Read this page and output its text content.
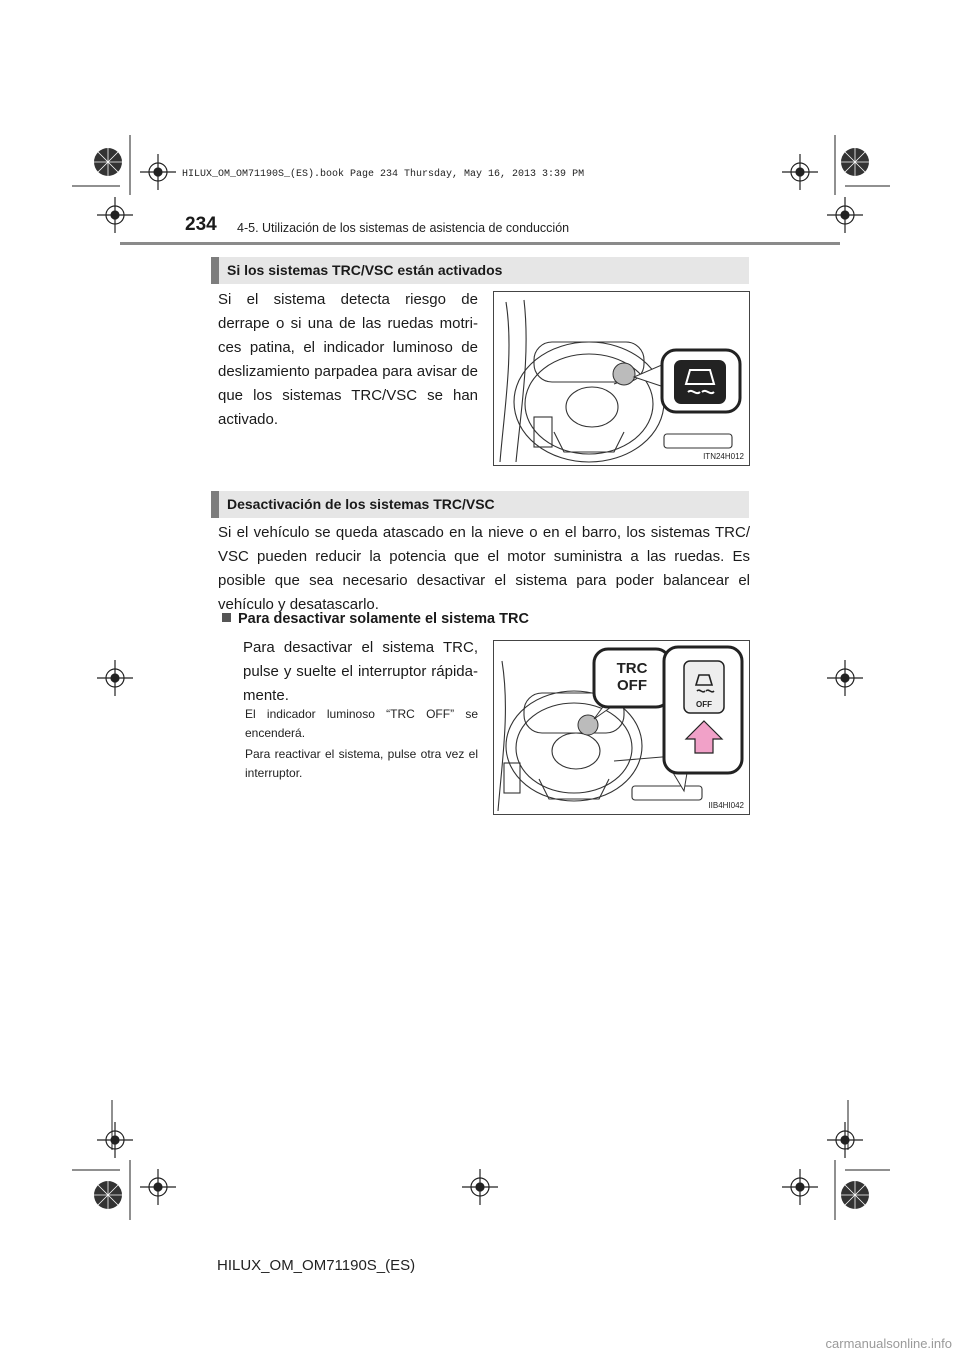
HILUX_OM_OM71190S_(ES).book Page 234 Thursday, May 16, 2013 3:39 PM
234 4-5. Utilización de los sistemas de asistencia de conducción
Si los sistemas TRC/VSC están activados
Si el sistema detecta riesgo de derrape o si una de las ruedas motri-ces patina, el indicador luminoso de deslizamiento parpadea para avisar de que los sistemas TRC/VSC se han activado.
ITN24H012
Desactivación de los sistemas TRC/VSC
Si el vehículo se queda atascado en la nieve o en el barro, los sistemas TRC/ VSC pueden reducir la potencia que el motor suministra a las ruedas. Es posible que sea necesario desactivar el sistema para poder balancear el vehículo y desatascarlo.
Para desactivar solamente el sistema TRC
Para desactivar el sistema TRC, pulse y suelte el interruptor rápida-mente.
El indicador luminoso “TRC OFF” se encenderá.
Para reactivar el sistema, pulse otra vez el interruptor.
TRC
OFF
OFF
IIB4HI042
HILUX_OM_OM71190S_(ES)
carmanualsonline.info
